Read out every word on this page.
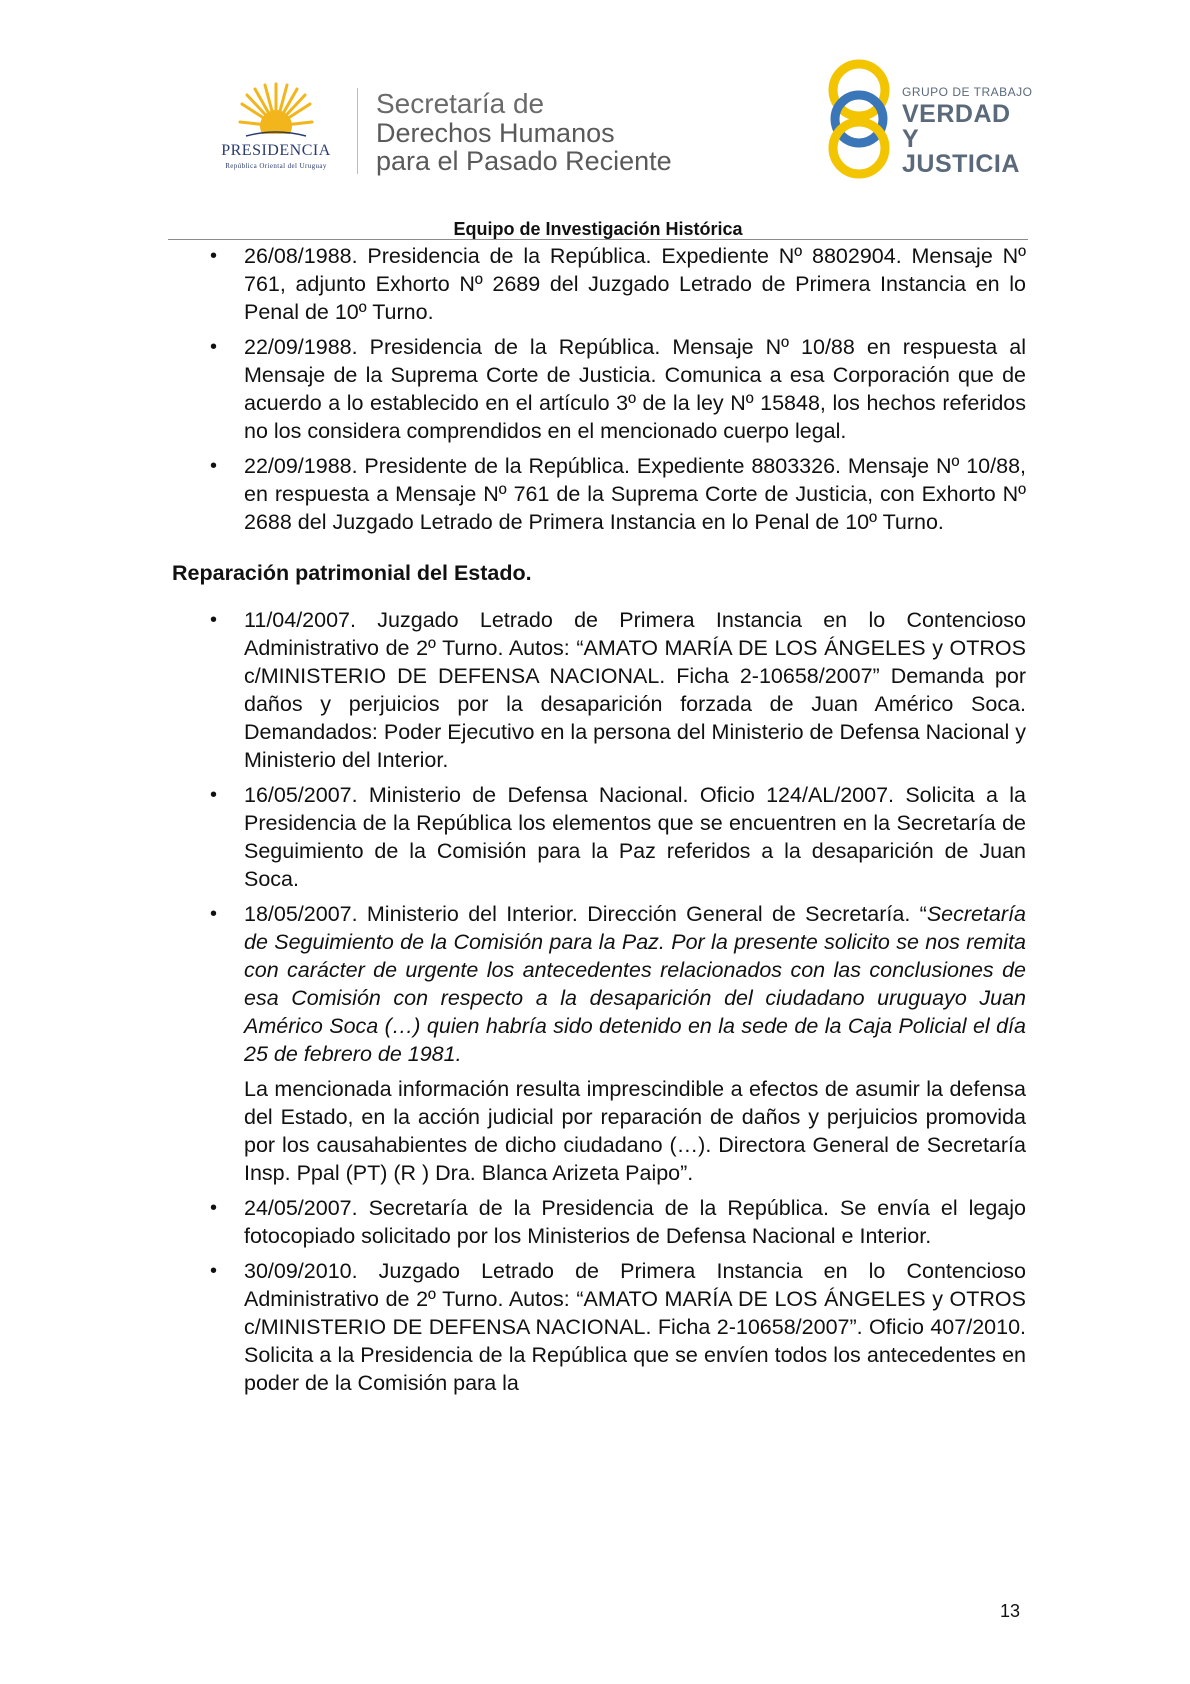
PRESIDENCIA
República Oriental del Uruguay
Secretaría de
Derechos Humanos
para el Pasado Reciente
GRUPO DE TRABAJO
VERDAD Y
JUSTICIA
Equipo de Investigación Histórica
• 26/08/1988. Presidencia de la República. Expediente Nº 8802904. Mensaje Nº 761, adjunto Exhorto Nº 2689 del Juzgado Letrado de Primera Instancia en lo Penal de 10º Turno.
• 22/09/1988. Presidencia de la República. Mensaje Nº 10/88 en respuesta al Mensaje de la Suprema Corte de Justicia. Comunica a esa Corporación que de acuerdo a lo establecido en el artículo 3º de la ley Nº 15848, los hechos referidos no los considera comprendidos en el mencionado cuerpo legal.
• 22/09/1988. Presidente de la República. Expediente 8803326. Mensaje Nº 10/88, en respuesta a Mensaje Nº 761 de la Suprema Corte de Justicia, con Exhorto Nº 2688 del Juzgado Letrado de Primera Instancia en lo Penal de 10º Turno.
Reparación patrimonial del Estado.
• 11/04/2007. Juzgado Letrado de Primera Instancia en lo Contencioso Administrativo de 2º Turno. Autos: “AMATO MARÍA DE LOS ÁNGELES y OTROS c/MINISTERIO DE DEFENSA NACIONAL. Ficha 2-10658/2007” Demanda por daños y perjuicios por la desaparición forzada de Juan Américo Soca. Demandados: Poder Ejecutivo en la persona del Ministerio de Defensa Nacional y Ministerio del Interior.
• 16/05/2007. Ministerio de Defensa Nacional. Oficio 124/AL/2007. Solicita a la Presidencia de la República los elementos que se encuentren en la Secretaría de Seguimiento de la Comisión para la Paz referidos a la desaparición de Juan Soca.
• 18/05/2007. Ministerio del Interior. Dirección General de Secretaría. “Secretaría de Seguimiento de la Comisión para la Paz. Por la presente solicito se nos remita con carácter de urgente los antecedentes relacionados con las conclusiones de esa Comisión con respecto a la desaparición del ciudadano uruguayo Juan Américo Soca (…) quien habría sido detenido en la sede de la Caja Policial el día 25 de febrero de 1981.
La mencionada información resulta imprescindible a efectos de asumir la defensa del Estado, en la acción judicial por reparación de daños y perjuicios promovida por los causahabientes de dicho ciudadano (…). Directora General de Secretaría Insp. Ppal (PT) (R ) Dra. Blanca Arizeta Paipo”.
• 24/05/2007. Secretaría de la Presidencia de la República. Se envía el legajo fotocopiado solicitado por los Ministerios de Defensa Nacional e Interior.
• 30/09/2010. Juzgado Letrado de Primera Instancia en lo Contencioso Administrativo de 2º Turno. Autos: “AMATO MARÍA DE LOS ÁNGELES y OTROS c/MINISTERIO DE DEFENSA NACIONAL. Ficha 2-10658/2007”. Oficio 407/2010. Solicita a la Presidencia de la República que se envíen todos los antecedentes en poder de la Comisión para la
13
